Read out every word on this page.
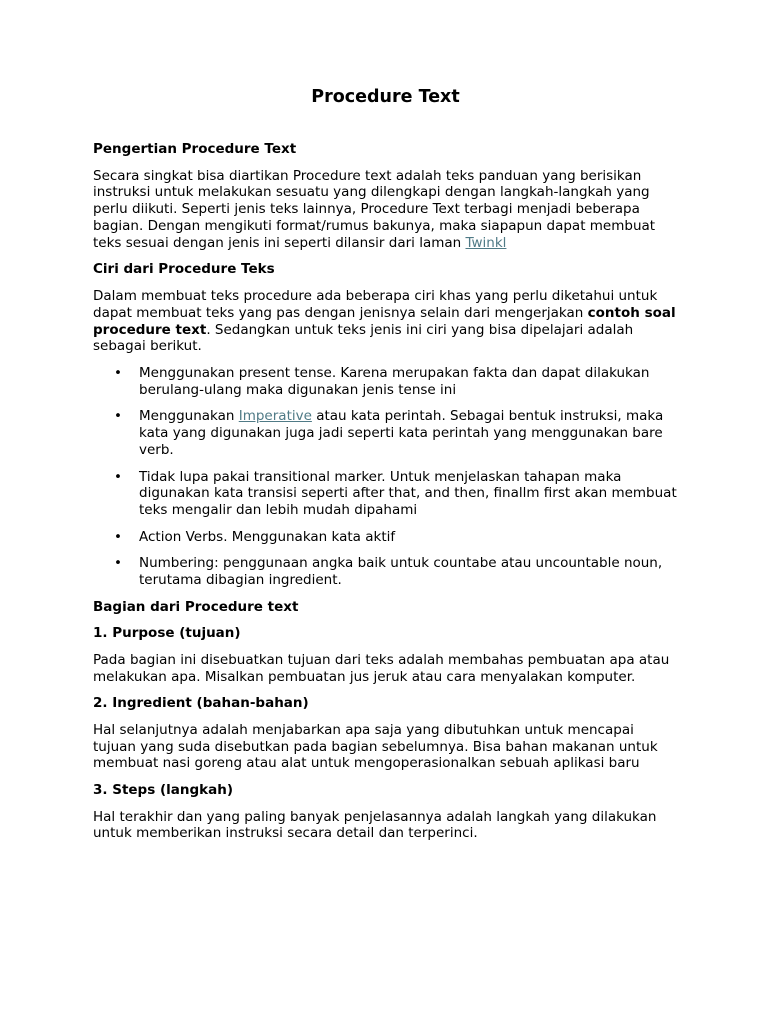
Procedure Text
Pengertian Procedure Text

Secara singkat bisa diartikan Procedure text adalah teks panduan yang berisikan instruksi untuk melakukan sesuatu yang dilengkapi dengan langkah-langkah yang perlu diikuti. Seperti jenis teks lainnya, Procedure Text terbagi menjadi beberapa bagian. Dengan mengikuti format/rumus bakunya, maka siapapun dapat membuat teks sesuai dengan jenis ini seperti dilansir dari laman Twinkl

Ciri dari Procedure Teks

Dalam membuat teks procedure ada beberapa ciri khas yang perlu diketahui untuk dapat membuat teks yang pas dengan jenisnya selain dari mengerjakan contoh soal procedure text. Sedangkan untuk teks jenis ini ciri yang bisa dipelajari adalah sebagai berikut.

• Menggunakan present tense. Karena merupakan fakta dan dapat dilakukan berulang-ulang maka digunakan jenis tense ini
• Menggunakan Imperative atau kata perintah. Sebagai bentuk instruksi, maka kata yang digunakan juga jadi seperti kata perintah yang menggunakan bare verb.
• Tidak lupa pakai transitional marker. Untuk menjelaskan tahapan maka digunakan kata transisi seperti after that, and then, finallm first akan membuat teks mengalir dan lebih mudah dipahami
• Action Verbs. Menggunakan kata aktif
• Numbering: penggunaan angka baik untuk countabe atau uncountable noun, terutama dibagian ingredient.
Bagian dari Procedure text
1. Purpose (tujuan)

Pada bagian ini disebuatkan tujuan dari teks adalah membahas pembuatan apa atau melakukan apa. Misalkan pembuatan jus jeruk atau cara menyalakan komputer.

2. Ingredient (bahan-bahan)

Hal selanjutnya adalah menjabarkan apa saja yang dibutuhkan untuk mencapai tujuan yang suda disebutkan pada bagian sebelumnya. Bisa bahan makanan untuk membuat nasi goreng atau alat untuk mengoperasionalkan sebuah aplikasi baru

3. Steps (langkah)

Hal terakhir dan yang paling banyak penjelasannya adalah langkah yang dilakukan untuk memberikan instruksi secara detail dan terperinci.
